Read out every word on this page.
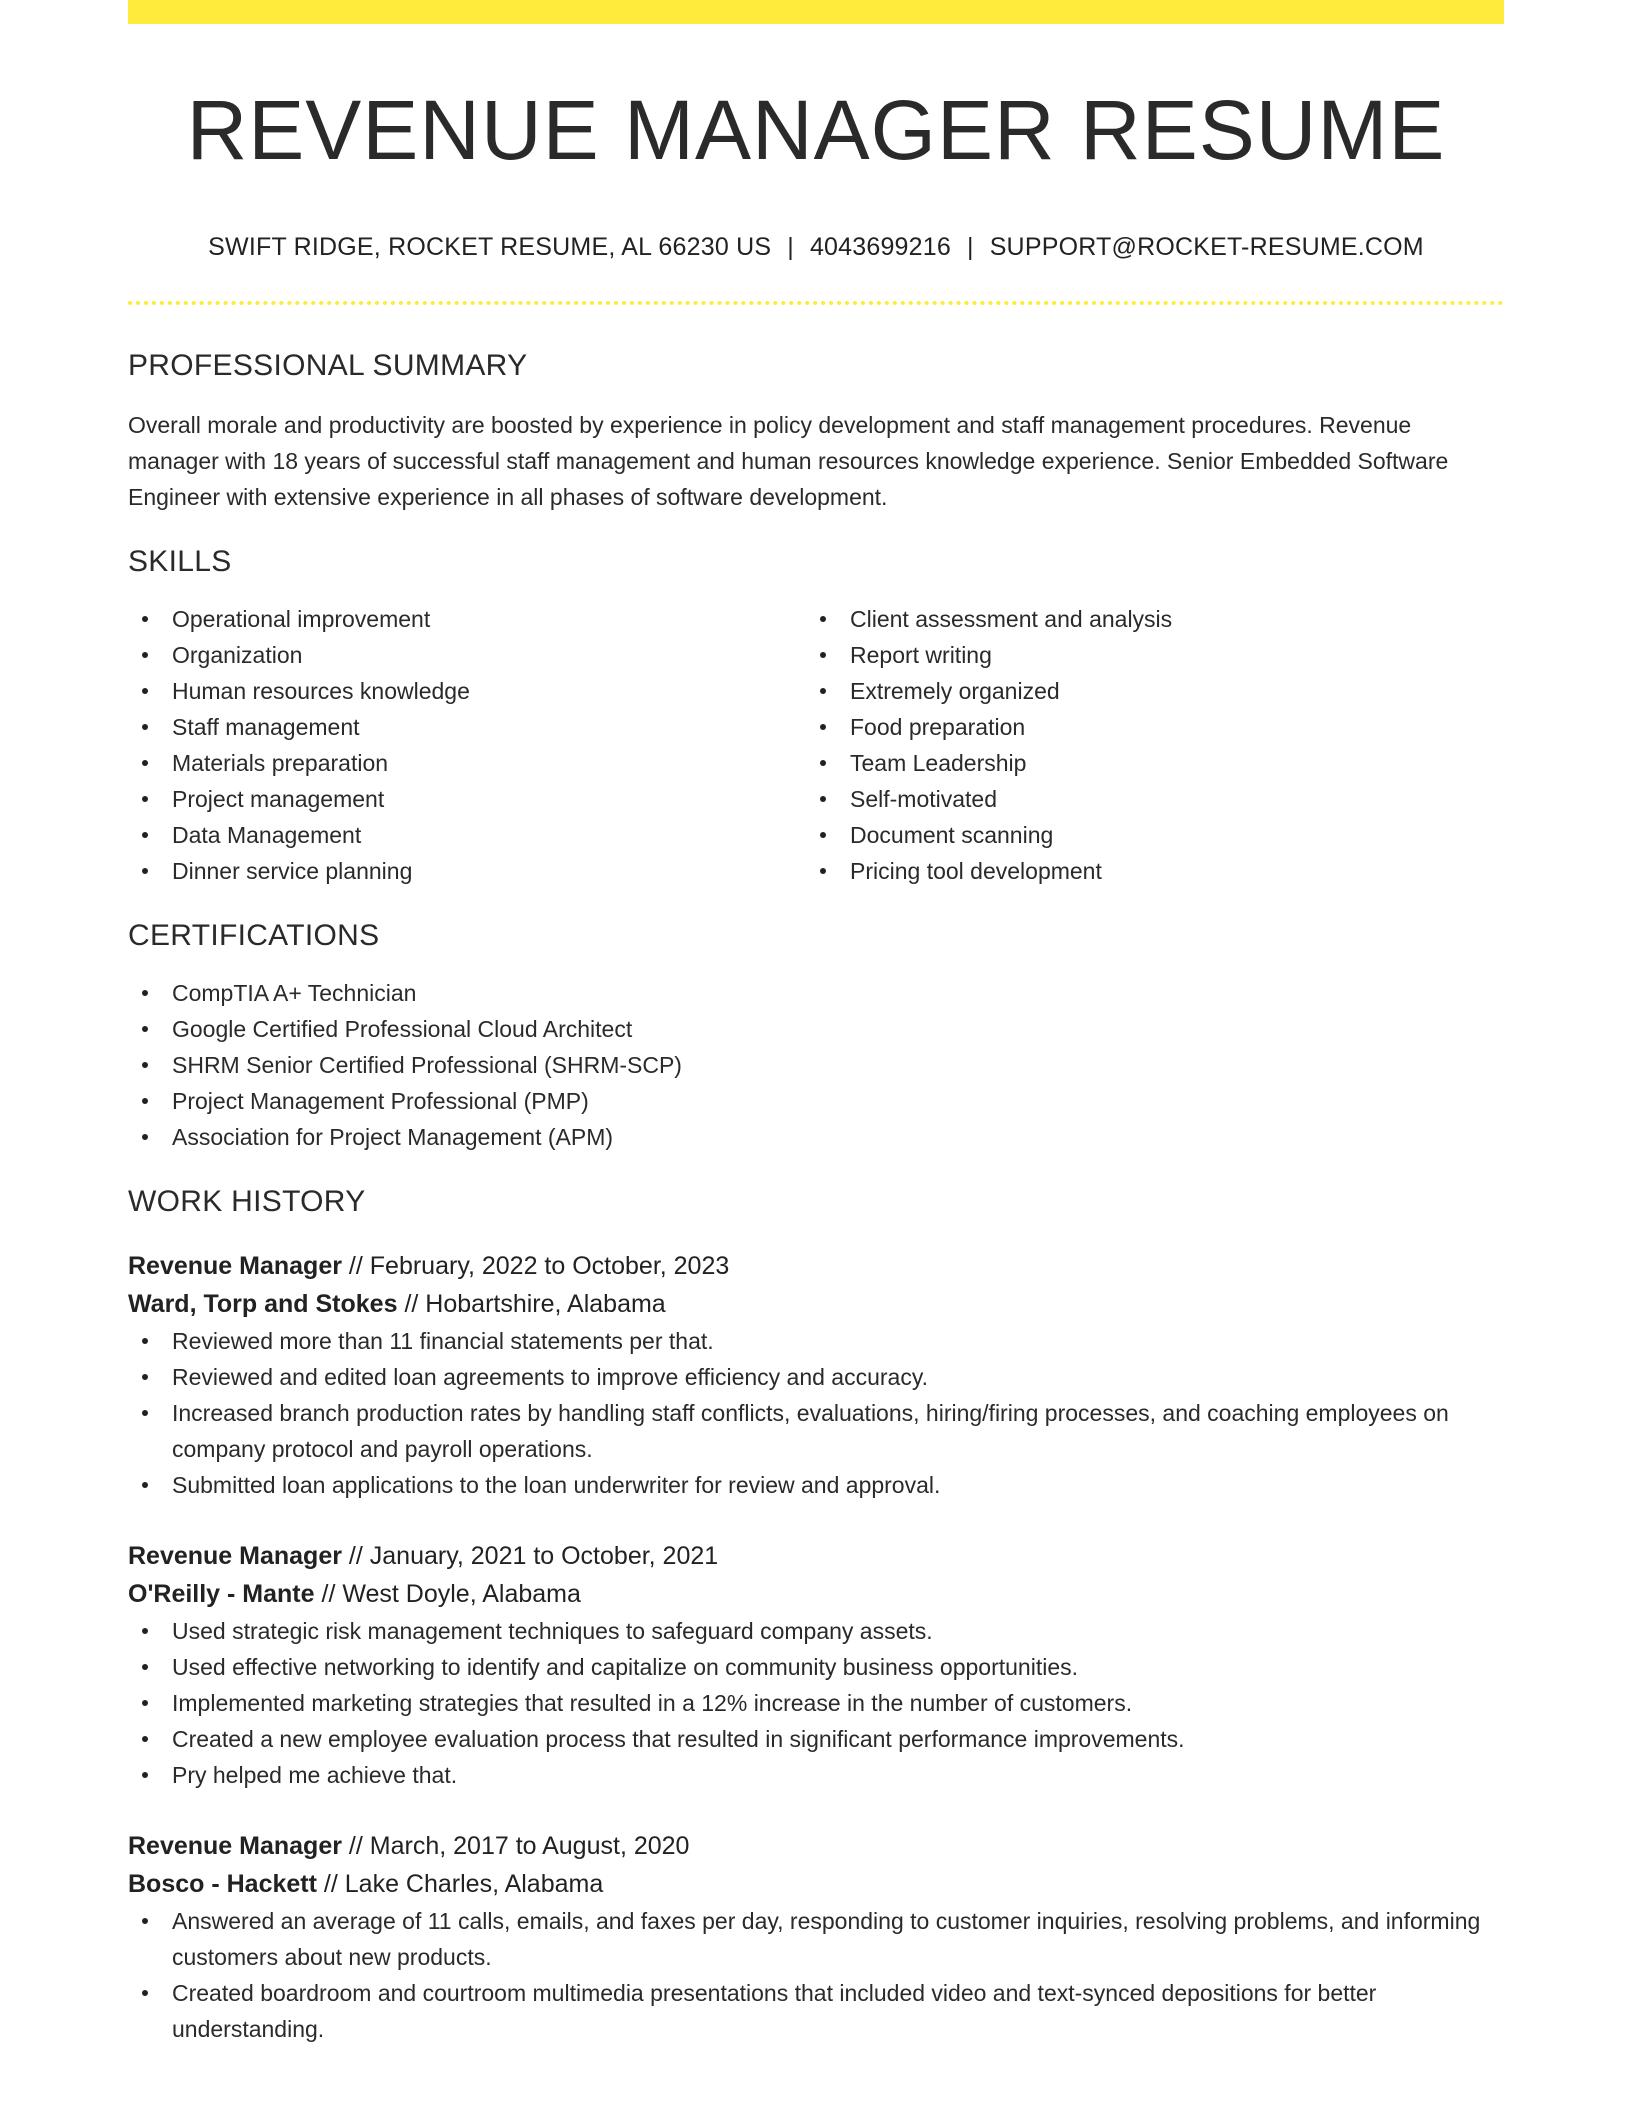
REVENUE MANAGER RESUME
SWIFT RIDGE, ROCKET RESUME, AL 66230 US | 4043699216 | SUPPORT@ROCKET-RESUME.COM
PROFESSIONAL SUMMARY

Overall morale and productivity are boosted by experience in policy development and staff management procedures. Revenue manager with 18 years of successful staff management and human resources knowledge experience. Senior Embedded Software Engineer with extensive experience in all phases of software development.

SKILLS
Operational improvement
Organization
Human resources knowledge
Staff management
Materials preparation
Project management
Data Management
Dinner service planning
Client assessment and analysis
Report writing
Extremely organized
Food preparation
Team Leadership
Self-motivated
Document scanning
Pricing tool development
CERTIFICATIONS
CompTIA A+ Technician
Google Certified Professional Cloud Architect
SHRM Senior Certified Professional (SHRM-SCP)
Project Management Professional (PMP)
Association for Project Management (APM)
WORK HISTORY
Revenue Manager // February, 2022 to October, 2023
Ward, Torp and Stokes // Hobartshire, Alabama
Reviewed more than 11 financial statements per that.
Reviewed and edited loan agreements to improve efficiency and accuracy.
Increased branch production rates by handling staff conflicts, evaluations, hiring/firing processes, and coaching employees on company protocol and payroll operations.
Submitted loan applications to the loan underwriter for review and approval.
Revenue Manager // January, 2021 to October, 2021
O'Reilly - Mante // West Doyle, Alabama
Used strategic risk management techniques to safeguard company assets.
Used effective networking to identify and capitalize on community business opportunities.
Implemented marketing strategies that resulted in a 12% increase in the number of customers.
Created a new employee evaluation process that resulted in significant performance improvements.
Pry helped me achieve that.
Revenue Manager // March, 2017 to August, 2020
Bosco - Hackett // Lake Charles, Alabama
Answered an average of 11 calls, emails, and faxes per day, responding to customer inquiries, resolving problems, and informing customers about new products.
Created boardroom and courtroom multimedia presentations that included video and text-synced depositions for better understanding.
